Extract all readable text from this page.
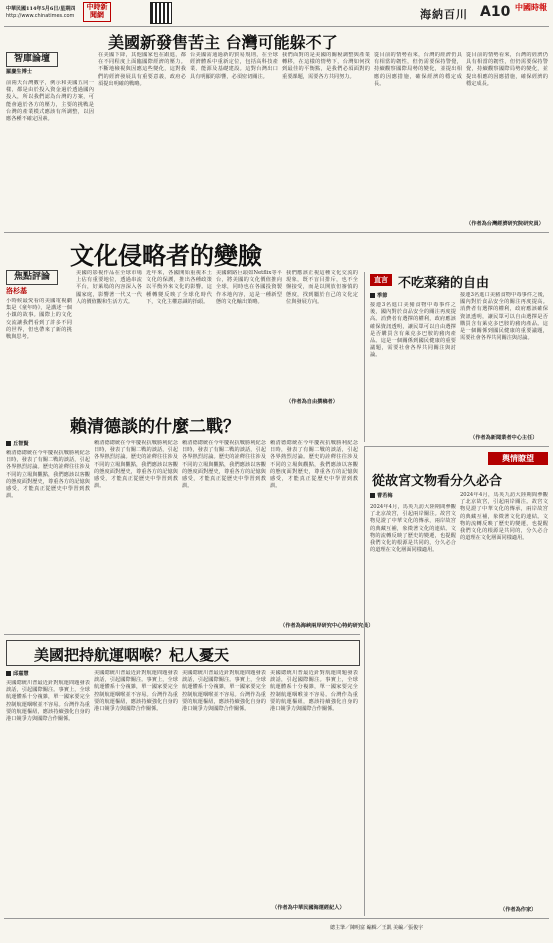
中華民國114年5月6日/星期四
http://www.chinatimes.com
中時新聞網	海納百川 A10 中國時報
美國新發售苦主 台灣可能躲不了
智庫論壇
羅慶生博士
前兩天台灣數字，例示和美國五同一樣，都是由於投入資金過於透過國內投入，所以我們認為台灣的方案，可能會過於各方的壓力，主要的挑戰是台灣的產業模式應該有所調整，以因應各種不確定因素。
在美國下降，其他國家也在跟進，都在不同程度上面臨國際經濟的壓力。不斷地檢視與因應這些變化，這對我們的經濟發展具有重要意義，政府必須提出明確的戰略。
台美國需通過新的貿易規則，在全球經濟體系中重新定位，包括高科技產業、能源及基礎建設。這對台灣出口具有明顯的影響，必須密切關注。
我們面對的是美國的關稅調整與產業轉移，在這樣的情勢下，台灣如何找到最佳的平衡點，是我們必須面對的重要課題，需要各方共同努力。
從目前的情勢看來，台灣的經濟仍具有相當的韌性，但仍需要保持警覺，持續觀察國際局勢的變化，並提出相應的因應措施，確保經濟的穩定成長。
從目前的情勢看來，台灣的經濟仍具有相當的韌性，但仍需要保持警覺，持續觀察國際局勢的變化，並提出相應的因應措施，確保經濟的穩定成長。
（作者為台灣經濟研究院研究員）
文化侵略者的變臉
焦點評論
洛杉基
小時候最愛看的美國電視劇集是《童年時》，是講述一個小鎮的故事。國際上的文化交流讓我們看到了許多不同的世界，但也帶來了新的挑戰與思考。
美國的影視作品在全球市場上佔有重要地位，透過串流平台，好萊塢的內容深入各國家庭，影響著一代又一代人的價值觀和生活方式。
近年來，各國開始重視本土文化的保護，推出各種政策以平衡外來文化的影響。這種轉變反映了全球化時代下，文化主權意識的抬頭。
美國網路巨頭如Netflix等平台，將美國的文化價值推向全球，同時也在各國投資製作本地內容，這是一種新型態的文化輸出策略。
我們應該正視這種文化交流的現象，既不盲目排斥，也不全盤接受，而是以開放但審慎的態度，找到屬於自己的文化定位與發展方向。
（作者為自由撰稿者）
直言 不吃菜豬的自由
季節
接連3名進口美豬食物中毒事件之後，國內對於食品安全的關注再度提高。消費者有選擇的權利，政府應該確保資訊透明，讓民眾可以自由選擇是否購買含有萊克多巴胺的豬肉產品。這是一個關係到國民健康的重要議題，需要社會各界共同關注與討論。
接連3名進口美豬食物中毒事件之後，國內對於食品安全的關注再度提高。消費者有選擇的權利，政府應該確保資訊透明，讓民眾可以自由選擇是否購買含有萊克多巴胺的豬肉產品。這是一個關係到國民健康的重要議題，需要社會各界共同關注與討論。
（作者為新聞業者中心主任）
賴清德談的什麼二戰？
丘智賢
賴清德總統在今年慶祝抗戰勝利紀念日時，發表了有關二戰的談話，引起各界熱烈討論。歷史的詮釋往往涉及不同的立場與觀點，我們應該以客觀的態度面對歷史，尊重各方的記憶與感受，才能真正從歷史中學習到教訓。
賴清德總統在今年慶祝抗戰勝利紀念日時，發表了有關二戰的談話，引起各界熱烈討論。歷史的詮釋往往涉及不同的立場與觀點，我們應該以客觀的態度面對歷史，尊重各方的記憶與感受，才能真正從歷史中學習到教訓。
賴清德總統在今年慶祝抗戰勝利紀念日時，發表了有關二戰的談話，引起各界熱烈討論。歷史的詮釋往往涉及不同的立場與觀點，我們應該以客觀的態度面對歷史，尊重各方的記憶與感受，才能真正從歷史中學習到教訓。
賴清德總統在今年慶祝抗戰勝利紀念日時，發表了有關二戰的談話，引起各界熱烈討論。歷史的詮釋往往涉及不同的立場與觀點，我們應該以客觀的態度面對歷史，尊重各方的記憶與感受，才能真正從歷史中學習到教訓。
（作者為海峽兩岸研究中心特約研究員）
輿情瞭望
從故宮文物看分久必合
曹若梅
2024年4月，馬英九訪大陸期間參觀了北京故宮，引起兩岸關注。故宮文物見證了中華文化的傳承，兩岸故宮的典藏互補，象徵著文化的連結。文物的流轉反映了歷史的變遷，也提醒我們文化的根源是共同的，分久必合的道理在文化層面同樣適用。
2024年4月，馬英九訪大陸期間參觀了北京故宮，引起兩岸關注。故宮文物見證了中華文化的傳承，兩岸故宮的典藏互補，象徵著文化的連結。文物的流轉反映了歷史的變遷，也提醒我們文化的根源是共同的，分久必合的道理在文化層面同樣適用。
（作者為作家）
美國把持航運咽喉？杞人憂天
邱嘉慧
美國總統川普最近針對航運問題發表談話，引起國際關注。事實上，全球航運體系十分複雜，單一國家要完全控制航運咽喉並不容易。台灣作為重要的航運樞紐，應該持續強化自身的港口競爭力與國際合作關係。
美國總統川普最近針對航運問題發表談話，引起國際關注。事實上，全球航運體系十分複雜，單一國家要完全控制航運咽喉並不容易。台灣作為重要的航運樞紐，應該持續強化自身的港口競爭力與國際合作關係。
美國總統川普最近針對航運問題發表談話，引起國際關注。事實上，全球航運體系十分複雜，單一國家要完全控制航運咽喉並不容易。台灣作為重要的航運樞紐，應該持續強化自身的港口競爭力與國際合作關係。
美國總統川普最近針對航運問題發表談話，引起國際關注。事實上，全球航運體系十分複雜，單一國家要完全控制航運咽喉並不容易。台灣作為重要的航運樞紐，應該持續強化自身的港口競爭力與國際合作關係。
（作者為中華民國海運經紀人）
總主筆／陳明富 編輯／王凱 美編／張俊宇
